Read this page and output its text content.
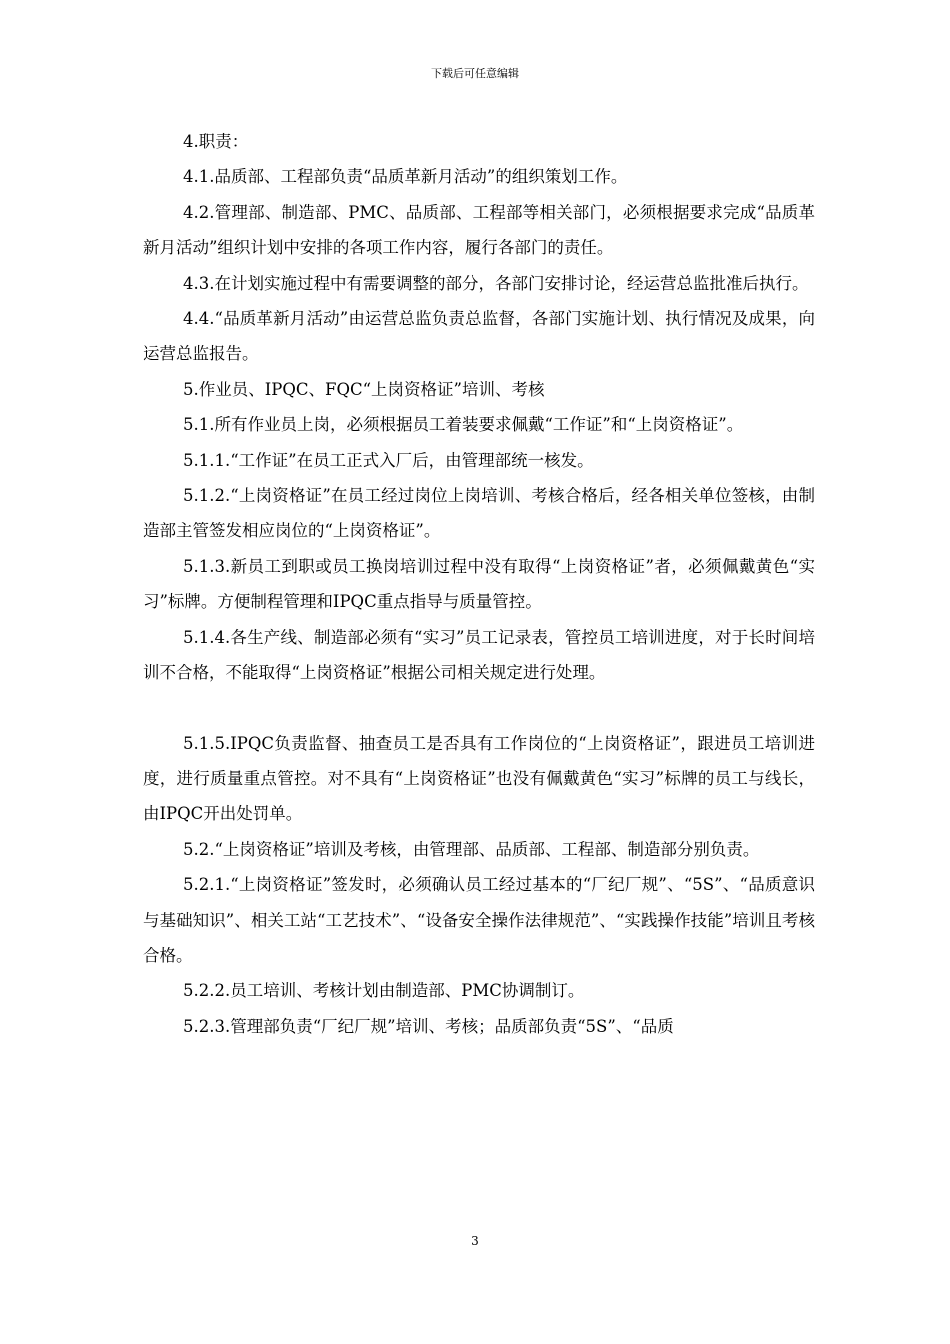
下载后可任意编辑

4.职责：

4.1.品质部、工程部负责“品质革新月活动”的组织策划工作。

4.2.管理部、制造部、PMC、品质部、工程部等相关部门，必须根据要求完成“品质革新月活动”组织计划中安排的各项工作内容，履行各部门的责任。

4.3.在计划实施过程中有需要调整的部分，各部门安排讨论，经运营总监批准后执行。

4.4.“品质革新月活动”由运营总监负责总监督，各部门实施计划、执行情况及成果，向运营总监报告。

5.作业员、IPQC、FQC“上岗资格证”培训、考核

5.1.所有作业员上岗，必须根据员工着装要求佩戴“工作证”和“上岗资格证”。

5.1.1.“工作证”在员工正式入厂后，由管理部统一核发。

5.1.2.“上岗资格证”在员工经过岗位上岗培训、考核合格后，经各相关单位签核，由制造部主管签发相应岗位的“上岗资格证”。

5.1.3.新员工到职或员工换岗培训过程中没有取得“上岗资格证”者，必须佩戴黄色“实习”标牌。方便制程管理和IPQC重点指导与质量管控。

5.1.4.各生产线、制造部必须有“实习”员工记录表，管控员工培训进度，对于长时间培训不合格，不能取得“上岗资格证”根据公司相关规定进行处理。

5.1.5.IPQC负责监督、抽查员工是否具有工作岗位的“上岗资格证”，跟进员工培训进度，进行质量重点管控。对不具有“上岗资格证”也没有佩戴黄色“实习”标牌的员工与线长，由IPQC开出处罚单。

5.2.“上岗资格证”培训及考核，由管理部、品质部、工程部、制造部分别负责。

5.2.1.“上岗资格证”签发时，必须确认员工经过基本的“厂纪厂规”、“5S”、“品质意识与基础知识”、相关工站“工艺技术”、“设备安全操作法律规范”、“实践操作技能”培训且考核合格。

5.2.2.员工培训、考核计划由制造部、PMC协调制订。

5.2.3.管理部负责“厂纪厂规”培训、考核；品质部负责“5S”、“品质

3
